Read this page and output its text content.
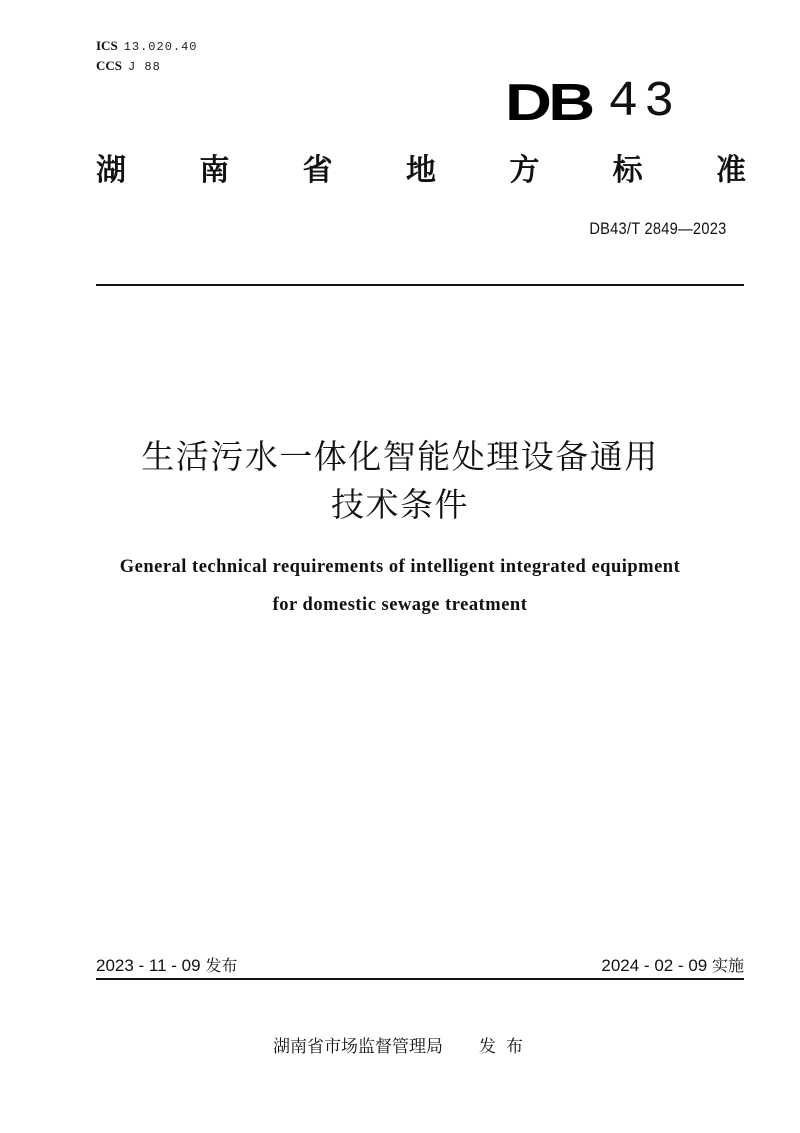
ICS 13.020.40
CCS J 88
DB 43
湖 南 省 地 方 标 准
DB43/T 2849—2023
生活污水一体化智能处理设备通用
技术条件
General technical requirements of intelligent integrated equipment
for domestic sewage treatment
2023 - 11 - 09 发布	2024 - 02 - 09 实施
湖南省市场监督管理局 发布
